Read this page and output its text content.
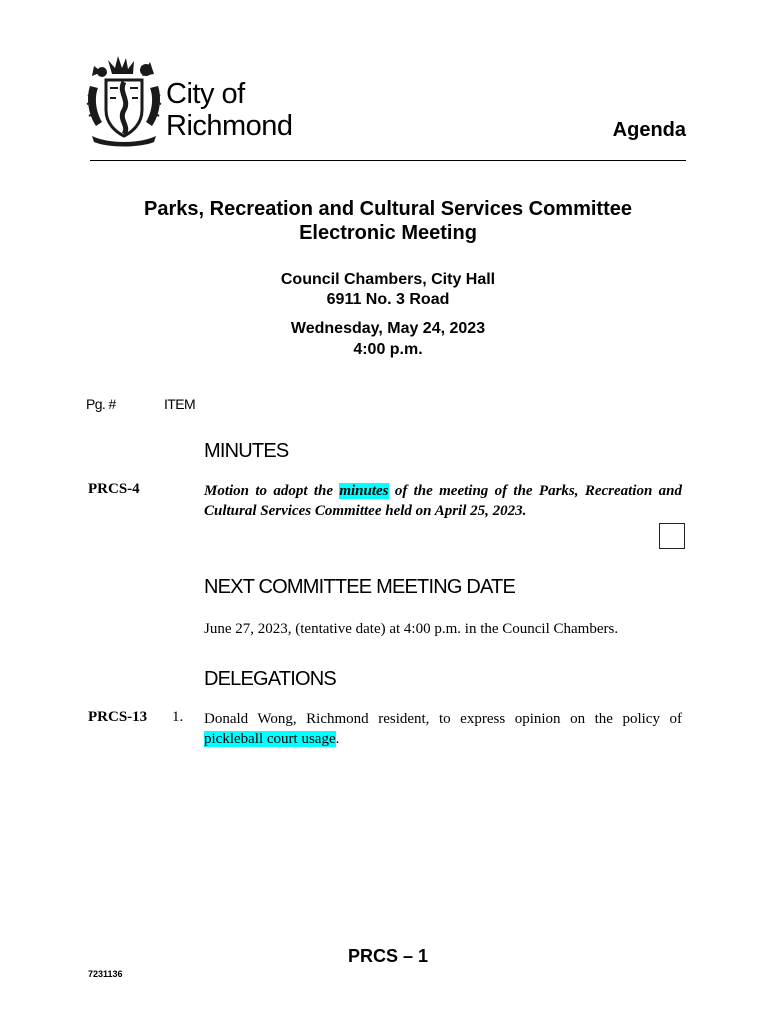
City of
Richmond	Agenda
Parks, Recreation and Cultural Services Committee
Electronic Meeting
Council Chambers, City Hall
6911 No. 3 Road
Wednesday, May 24, 2023
4:00 p.m.
Pg. #	ITEM
MINUTES
PRCS-4	Motion to adopt the minutes of the meeting of the Parks, Recreation and Cultural Services Committee held on April 25, 2023.
NEXT COMMITTEE MEETING DATE
June 27, 2023, (tentative date) at 4:00 p.m. in the Council Chambers.
DELEGATIONS
PRCS-13 1. Donald Wong, Richmond resident, to express opinion on the policy of pickleball court usage.
PRCS – 1
7231136
